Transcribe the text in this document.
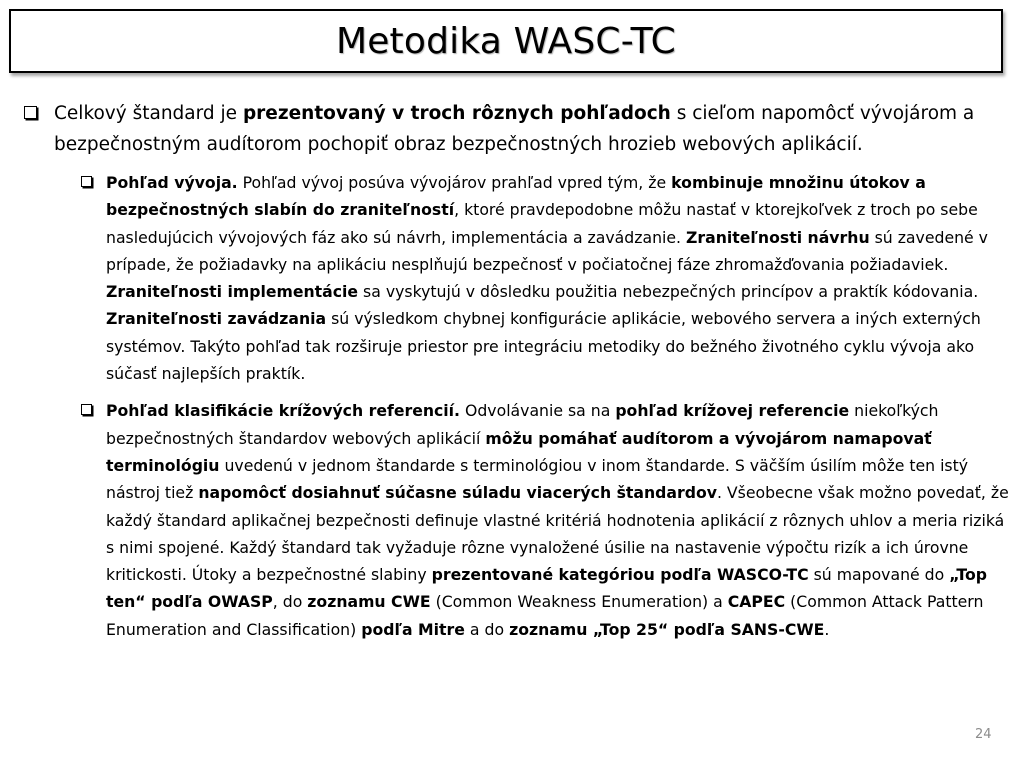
Metodika WASC-TC
Celkový štandard je prezentovaný v troch rôznych pohľadoch s cieľom napomôcť vývojárom a bezpečnostným audítorom pochopiť obraz bezpečnostných hrozieb webových aplikácií.
Pohľad vývoja. Pohľad vývoj posúva vývojárov prahľad vpred tým, že kombinuje množinu útokov a bezpečnostných slabín do zraniteľností, ktoré pravdepodobne môžu nastať v ktorejkoľvek z troch po sebe nasledujúcich vývojových fáz ako sú návrh, implementácia a zavádzanie. Zraniteľnosti návrhu sú zavedené v prípade, že požiadavky na aplikáciu nesplňujú bezpečnosť v počiatočnej fáze zhromažďovania požiadaviek. Zraniteľnosti implementácie sa vyskytujú v dôsledku použitia nebezpečných princípov a praktík kódovania. Zraniteľnosti zavádzania sú výsledkom chybnej konfigurácie aplikácie, webového servera a iných externých systémov. Takýto pohľad tak rozširuje priestor pre integráciu metodiky do bežného životného cyklu vývoja ako súčasť najlepších praktík.
Pohľad klasifikácie krížových referencií. Odvolávanie sa na pohľad krížovej referencie niekoľkých bezpečnostných štandardov webových aplikácií môžu pomáhať audítorom a vývojárom namapovať terminológiu uvedenú v jednom štandarde s terminológiou v inom štandarde. S väčším úsilím môže ten istý nástroj tiež napomôcť dosiahnuť súčasne súladu viacerých štandardov. Všeobecne však možno povedať, že každý štandard aplikačnej bezpečnosti definuje vlastné kritériá hodnotenia aplikácií z rôznych uhlov a meria riziká s nimi spojené. Každý štandard tak vyžaduje rôzne vynaložené úsilie na nastavenie výpočtu rizík a ich úrovne kritickosti. Útoky a bezpečnostné slabiny prezentované kategóriou podľa WASCO-TC sú mapované do „Top ten“ podľa OWASP, do zoznamu CWE (Common Weakness Enumeration) a CAPEC (Common Attack Pattern Enumeration and Classification) podľa Mitre a do zoznamu „Top 25“ podľa SANS-CWE.
24
